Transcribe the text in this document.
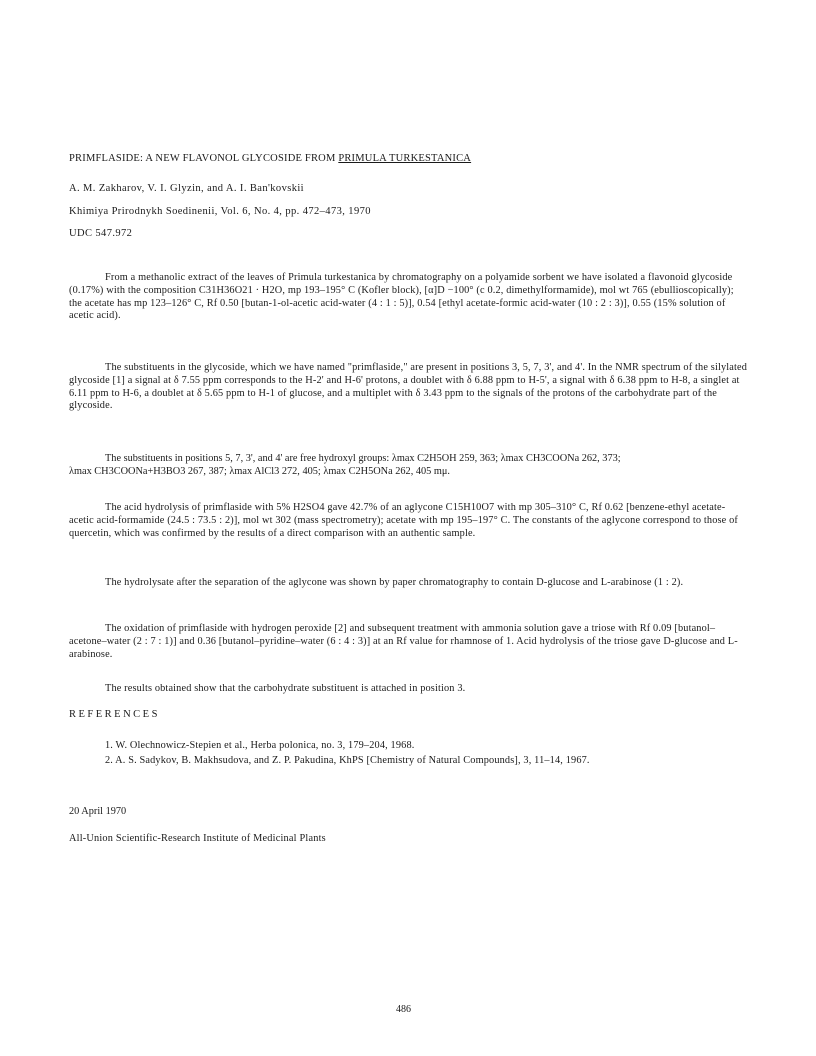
PRIMFLASIDE: A NEW FLAVONOL GLYCOSIDE FROM PRIMULA TURKESTANICA
A. M. Zakharov, V. I. Glyzin, and A. I. Ban'kovskii
Khimiya Prirodnykh Soedinenii, Vol. 6, No. 4, pp. 472–473, 1970
UDC 547.972

From a methanolic extract of the leaves of Primula turkestanica by chromatography on a polyamide sorbent we have isolated a flavonoid glycoside (0.17%) with the composition C31H36O21 · H2O, mp 193–195° C (Kofler block), [α]D −100° (c 0.2, dimethylformamide), mol wt 765 (ebullioscopically); the acetate has mp 123–126° C, Rf 0.50 [butan-1-ol-acetic acid-water (4 : 1 : 5)], 0.54 [ethyl acetate-formic acid-water (10 : 2 : 3)], 0.55 (15% solution of acetic acid).

The substituents in the glycoside, which we have named "primflaside," are present in positions 3, 5, 7, 3', and 4'. In the NMR spectrum of the silylated glycoside [1] a signal at δ 7.55 ppm corresponds to the H-2' and H-6' protons, a doublet with δ 6.88 ppm to H-5', a signal with δ 6.38 ppm to H-8, a singlet at 6.11 ppm to H-6, a doublet at δ 5.65 ppm to H-1 of glucose, and a multiplet with δ 3.43 ppm to the signals of the protons of the carbohydrate part of the glycoside.

The substituents in positions 5, 7, 3', and 4' are free hydroxyl groups: λmax C2H5OH 259, 363; λmax CH3COONa 262, 373;
λmax CH3COONa+H3BO3 267, 387; λmax AlCl3 272, 405; λmax C2H5ONa 262, 405 mμ.

The acid hydrolysis of primflaside with 5% H2SO4 gave 42.7% of an aglycone C15H10O7 with mp 305–310° C, Rf 0.62 [benzene-ethyl acetate-acetic acid-formamide (24.5 : 73.5 : 2)], mol wt 302 (mass spectrometry); acetate with mp 195–197° C. The constants of the aglycone correspond to those of quercetin, which was confirmed by the results of a direct comparison with an authentic sample.

The hydrolysate after the separation of the aglycone was shown by paper chromatography to contain D-glucose and L-arabinose (1 : 2).

The oxidation of primflaside with hydrogen peroxide [2] and subsequent treatment with ammonia solution gave a triose with Rf 0.09 [butanol–acetone–water (2 : 7 : 1)] and 0.36 [butanol–pyridine–water (6 : 4 : 3)] at an Rf value for rhamnose of 1. Acid hydrolysis of the triose gave D-glucose and L-arabinose.

The results obtained show that the carbohydrate substituent is attached in position 3.

REFERENCES
1. W. Olechnowicz-Stepien et al., Herba polonica, no. 3, 179–204, 1968.
2. A. S. Sadykov, B. Makhsudova, and Z. P. Pakudina, KhPS [Chemistry of Natural Compounds], 3, 11–14, 1967.
20 April 1970
All-Union Scientific-Research Institute of Medicinal Plants
486
